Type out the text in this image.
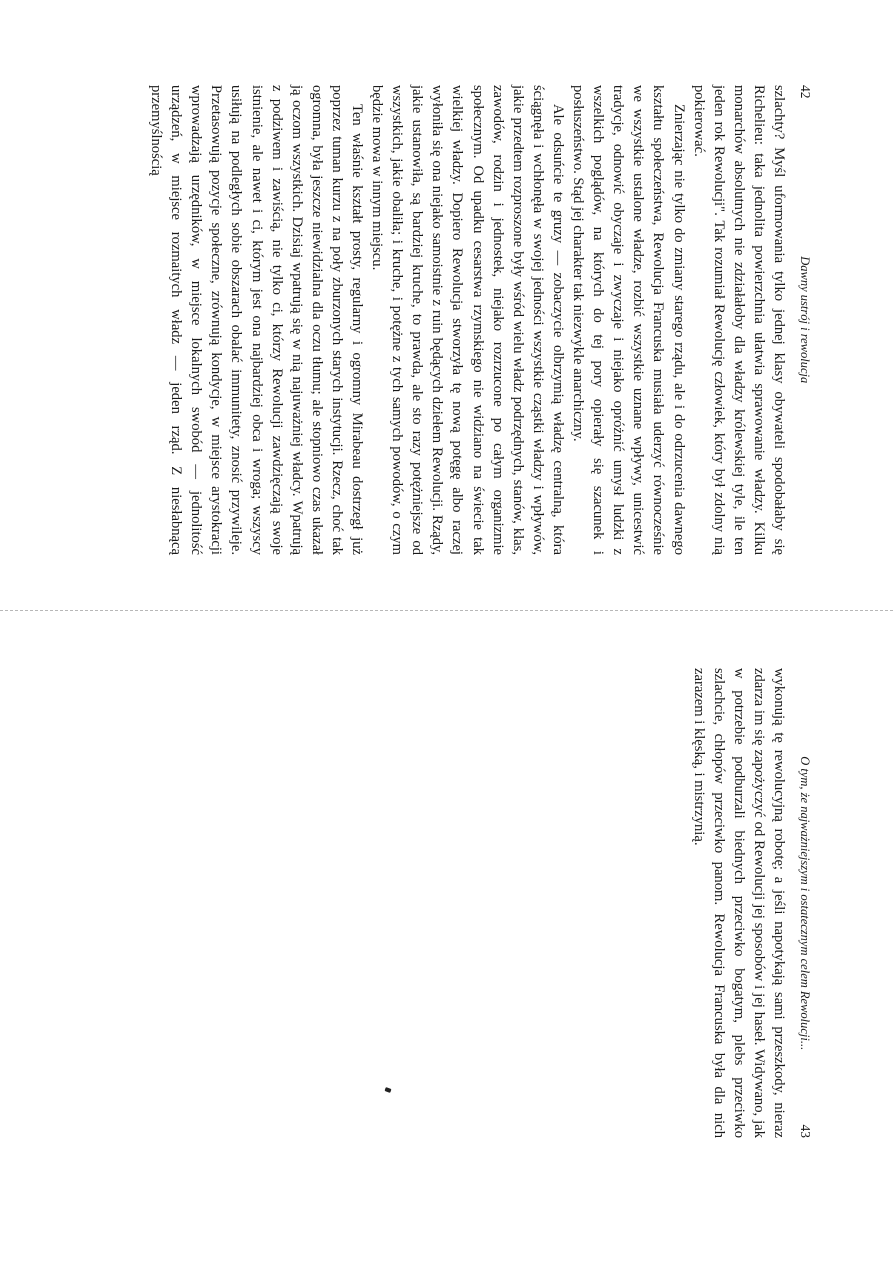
42
Dawny ustrój i rewolucja

szlachty? Myśl uformowania tylko jednej klasy obywateli spodobałaby się Richelieu: taka jednolita powierzchnia ułatwia sprawowanie władzy. Kilku monarchów absolutnych nie zdziałałoby dla władzy królewskiej tyle, ile ten jeden rok Rewolucji". Tak rozumiał Rewolucję człowiek, który był zdolny nią pokierować.

Znierzając nie tylko do zmiany starego rządu, ale i do odrzucenia dawnego kształtu społeczeństwa, Rewolucja Francuska musiała uderzyć równocześnie we wszystkie ustalone władze, rozbić wszystkie uznane wpływy, unicestwić tradycje, odnowić obyczaje i zwyczaje i niejako opróżnić umysł ludzki z wszelkich poglądów, na których do tej pory opierały się szacunek i posłuszeństwo. Stąd jej charakter tak niezwykle anarchiczny.

Ale odsuńcie te gruzy — zobaczycie olbrzymią władzę centralną, która ściągnęła i wchłonęła w swojej jedności wszystkie cząstki władzy i wpływów, jakie przedtem rozproszone były wśród wielu władz podrzędnych, stanów, klas, zawodów, rodzin i jednostek, niejako rozrzucone po całym organizmie społecznym. Od upadku cesarstwa rzymskiego nie widziano na świecie tak wielkiej władzy. Dopiero Rewolucja stworzyła tę nową potęgę albo raczej wyłoniła się ona niejako samoistnie z ruin będących dziełem Rewolucji. Rządy, jakie ustanowiła, są bardziej kruche, to prawda, ale sto razy potężniejsze od wszystkich, jakie obaliła; i kruche, i potężne z tych samych powodów, o czym będzie mowa w innym miejscu.

Ten właśnie kształt prosty, regularny i ogromny Mirabeau dostrzegł już poprzez tuman kurzu z na poły zburzonych starych instytucji. Rzecz, choć tak ogromna, była jeszcze niewidzialna dla oczu tłumu; ale stopniowo czas ukazał ją oczom wszystkich. Dzisiaj wpatrują się w nią najuważniej władcy. Wpatrują z podziwem i zawiścią, nie tylko ci, którzy Rewolucji zawdzięczają swoje istnienie, ale nawet i ci, którym jest ona najbardziej obca i wroga; wszyscy usiłują na podległych sobie obszarach obalać immunitety, znosić przywileje. Przetasowują pozycje społeczne, zrównują kondycje, w miejsce arystokracji wprowadzają urzędników, w miejsce lokalnych swobód — jednolitość urządzeń, w miejsce rozmaitych władz — jeden rząd. Z niesłabnącą przemyślnością

O tym, że najważniejszym i ostatecznym celem Rewolucji...
43

wykonują tę rewolucyjną robotę; a jeśli napotykają sami przeszkody, nieraz zdarza im się zapożyczyć od Rewolucji jej sposobów i jej haseł. Widywano, jak w potrzebie podburzali biednych przeciwko bogatym, plebs przeciwko szlachcie, chłopów przeciwko panom. Rewolucja Francuska była dla nich zarazem i klęską, i mistrzynią.
